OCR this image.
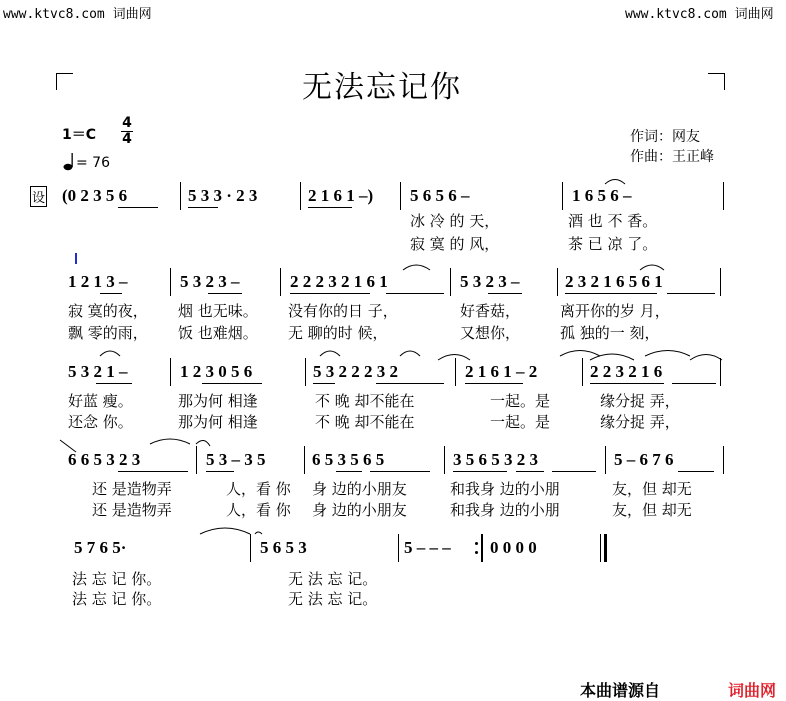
www.ktvc8.com 词曲网	www.ktvc8.com 词曲网
无法忘记你
1＝C
4
4
= 76
作词：网友
作曲：王正峰
设 (0 2 3 5 6	5 3 3 · 2 3	2 1 6 1 –) 5 6 5 6 –	1 6 5 6 –
冰 冷 的 天，	酒 也 不 香。
寂 寞 的 风，	茶 已 凉 了。
1 2 1 3 –	5 3 2 3 –	2 2 2 3 2 1 6 1	5 3 2 3 –	2 3 2 1 6 5 6 1
寂 寞的夜， 烟 也无味。 没有你的日 子，	好香菇，	离开你的岁 月，
飘 零的雨， 饭 也难烟。 无 聊的时 候，	又想你，	孤 独的一 刻，
5 3 2 1 –	1 2 3 0 5 6	5 3 2 2 2 3 2	2 1 6 1 – 2	2 2 3 2 1 6
好蓝 瘦。	那为何 相逢	不 晚 却不能在	一起。是	缘分捉 弄，
还念 你。	那为何 相逢	不 晚 却不能在	一起。是	缘分捉 弄，
6 6 5 3 2 3	5 3 – 3 5	6 5 3 5 6 5	3 5 6 5 3 2 3	5 – 6 7 6
还 是造物弄	人，看 你 身 边的小朋友	和我身 边的小朋	友，但 却无
还 是造物弄	人，看 你 身 边的小朋友	和我身 边的小朋	友，但 却无
5 7 6 5·	5 6 5 3	5 – – – 0 0 0 0
法 忘 记 你。	无 法 忘 记。
法 忘 记 你。	无 法 忘 记。
本曲谱源自	词曲网
